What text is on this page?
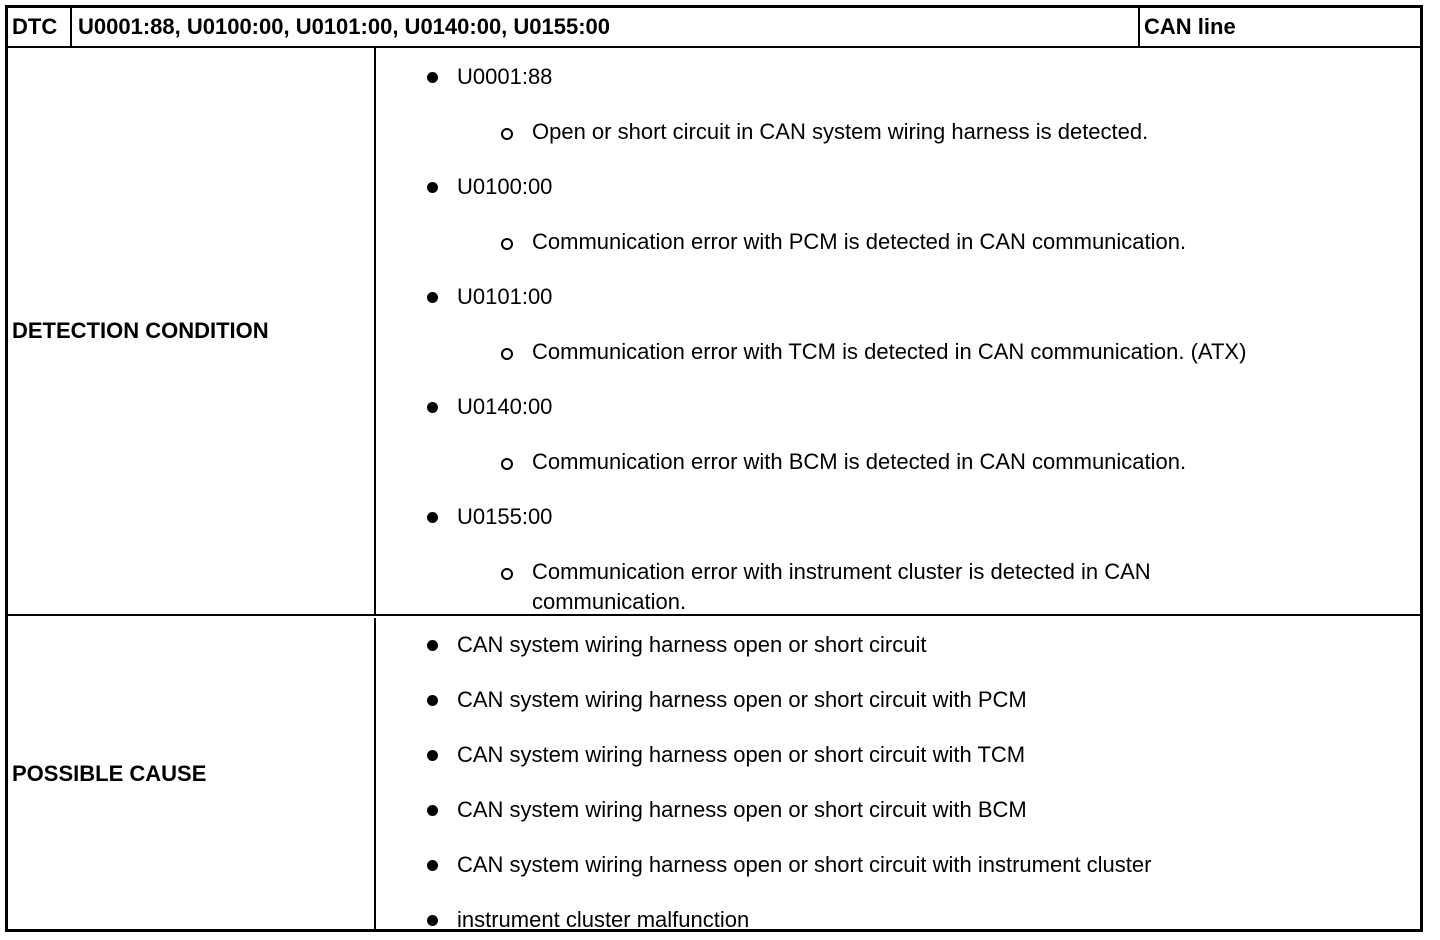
DTC U0001:88, U0100:00, U0101:00, U0140:00, U0155:00	CAN line
DETECTION CONDITION
U0001:88
Open or short circuit in CAN system wiring harness is detected.
U0100:00
Communication error with PCM is detected in CAN communication.
U0101:00
Communication error with TCM is detected in CAN communication. (ATX)
U0140:00
Communication error with BCM is detected in CAN communication.
U0155:00
Communication error with instrument cluster is detected in CAN communication.
POSSIBLE CAUSE
CAN system wiring harness open or short circuit
CAN system wiring harness open or short circuit with PCM
CAN system wiring harness open or short circuit with TCM
CAN system wiring harness open or short circuit with BCM
CAN system wiring harness open or short circuit with instrument cluster
instrument cluster malfunction
